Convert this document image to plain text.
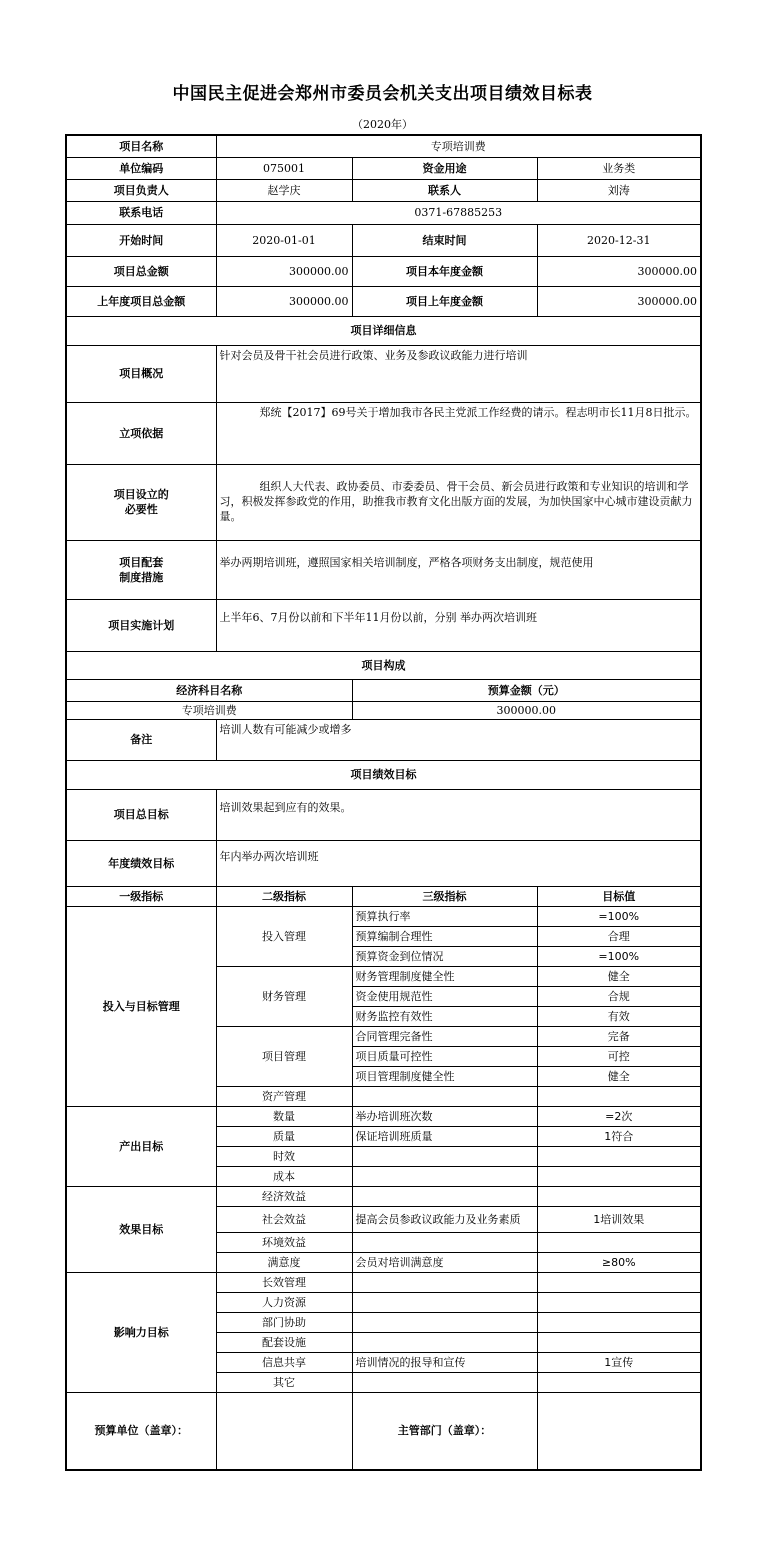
中国民主促进会郑州市委员会机关支出项目绩效目标表
（2020年）
项目名称	专项培训费		
单位编码	075001	资金用途	业务类
项目负责人	赵学庆	联系人	刘涛
联系电话	0371-67885253		
开始时间	2020-01-01	结束时间	2020-12-31
项目总金额	300000.00	项目本年度金额	300000.00
上年度项目总金额	300000.00	项目上年度金额	300000.00
项目详细信息			
项目概况	针对会员及骨干社会员进行政策、业务及参政议政能力进行培训		
立项依据	郑统【2017】69号关于增加我市各民主党派工作经费的请示。程志明市长11月8日批示。		

项目设立的
必要性	组织人大代表、政协委员、市委委员、骨干会员、新会员进行政策和专业知识的培训和学习，积极发挥参政党的作用，助推我市教育文化出版方面的发展，为加快国家中心城市建设贡献力量。		

项目配套
制度措施	举办两期培训班，遵照国家相关培训制度，严格各项财务支出制度，规范使用		
项目实施计划	上半年6、7月份以前和下半年11月份以前，分别 举办两次培训班		
项目构成			
经济科目名称		预算金额（元）	
专项培训费		300000.00	
备注	培训人数有可能减少或增多		
项目绩效目标			
项目总目标	培训效果起到应有的效果。		
年度绩效目标	年内举办两次培训班		
一级指标	二级指标	三级指标	目标值
投入与目标管理	投入管理	预算执行率	=100%
		预算编制合理性	合理
		预算资金到位情况	=100%
	财务管理	财务管理制度健全性	健全
		资金使用规范性	合规
		财务监控有效性	有效
	项目管理	合同管理完备性	完备
		项目质量可控性	可控
		项目管理制度健全性	健全
	资产管理		
产出目标	数量	举办培训班次数	=2次
	质量	保证培训班质量	1符合
	时效		
	成本		
效果目标	经济效益		
	社会效益	提高会员参政议政能力及业务素质	1培训效果
	环境效益		
	满意度	会员对培训满意度	≥80%
影响力目标	长效管理		
	人力资源		
	部门协助		
	配套设施		
	信息共享	培训情况的报导和宣传	1宣传
	其它		
预算单位（盖章）：		主管部门（盖章）：	
